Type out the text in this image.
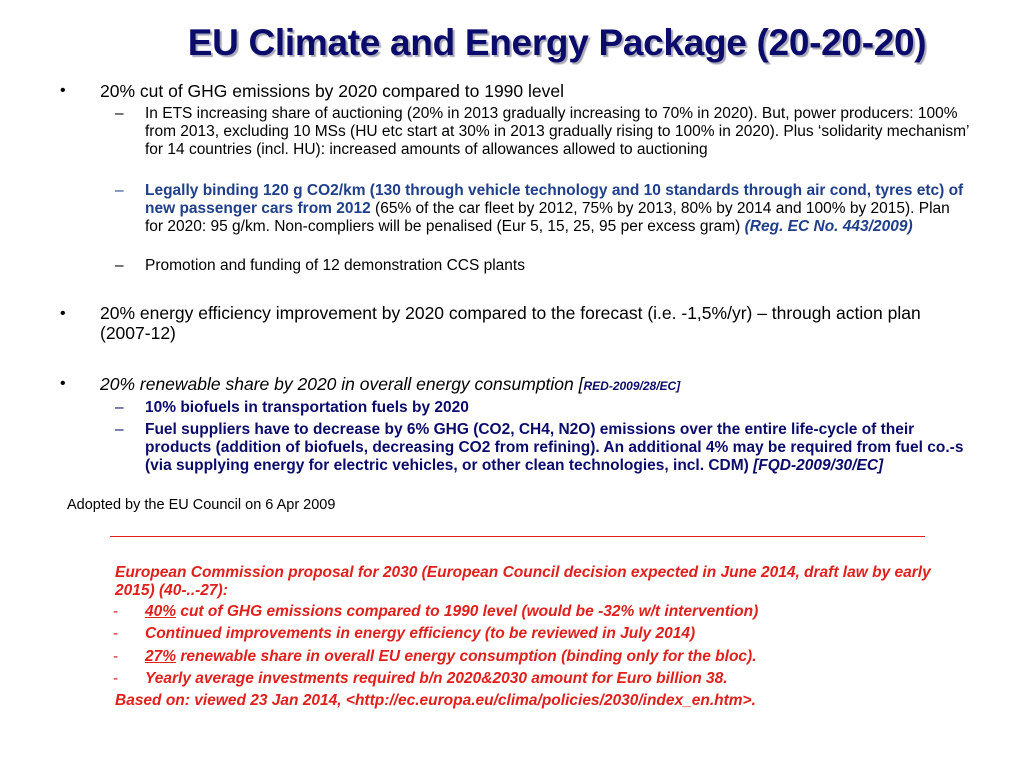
EU Climate and Energy Package (20-20-20)
• 20% cut of GHG emissions by 2020 compared to 1990 level
– In ETS increasing share of auctioning (20% in 2013 gradually increasing to 70% in 2020). But, power producers: 100% from 2013, excluding 10 MSs (HU etc start at 30% in 2013 gradually rising to 100% in 2020). Plus ‘solidarity mechanism’ for 14 countries (incl. HU): increased amounts of allowances allowed to auctioning
– Legally binding 120 g CO2/km (130 through vehicle technology and 10 standards through air cond, tyres etc) of new passenger cars from 2012 (65% of the car fleet by 2012, 75% by 2013, 80% by 2014 and 100% by 2015). Plan for 2020: 95 g/km. Non-compliers will be penalised (Eur 5, 15, 25, 95 per excess gram) (Reg. EC No. 443/2009)
– Promotion and funding of 12 demonstration CCS plants
• 20% energy efficiency improvement by 2020 compared to the forecast (i.e. -1,5%/yr) – through action plan (2007-12)
• 20% renewable share by 2020 in overall energy consumption [RED-2009/28/EC]
– 10% biofuels in transportation fuels by 2020
– Fuel suppliers have to decrease by 6% GHG (CO2, CH4, N2O) emissions over the entire life-cycle of their products (addition of biofuels, decreasing CO2 from refining). An additional 4% may be required from fuel co.-s (via supplying energy for electric vehicles, or other clean technologies, incl. CDM) [FQD-2009/30/EC]
Adopted by the EU Council on 6 Apr 2009
European Commission proposal for 2030 (European Council decision expected in June 2014, draft law by early 2015) (40-..-27):
- 40% cut of GHG emissions compared to 1990 level (would be -32% w/t intervention)
- Continued improvements in energy efficiency (to be reviewed in July 2014)
- 27% renewable share in overall EU energy consumption (binding only for the bloc).
- Yearly average investments required b/n 2020&2030 amount for Euro billion 38.
Based on: viewed 23 Jan 2014, <http://ec.europa.eu/clima/policies/2030/index_en.htm>.
